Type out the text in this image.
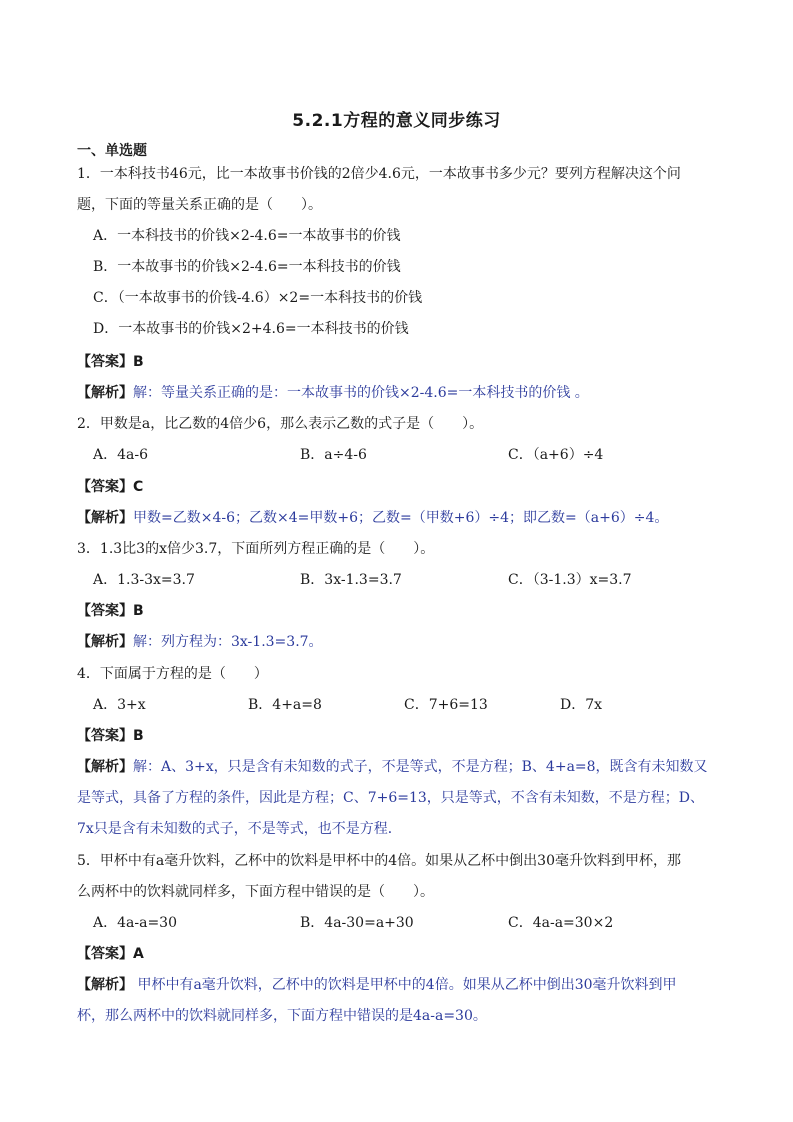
5.2.1方程的意义同步练习
一、单选题
1．一本科技书46元，比一本故事书价钱的2倍少4.6元，一本故事书多少元？要列方程解决这个问
题，下面的等量关系正确的是（　　）。
A．一本科技书的价钱×2-4.6=一本故事书的价钱
B．一本故事书的价钱×2-4.6=一本科技书的价钱
C．（一本故事书的价钱-4.6）×2=一本科技书的价钱
D．一本故事书的价钱×2+4.6=一本科技书的价钱
【答案】B
【解析】解：等量关系正确的是：一本故事书的价钱×2-4.6=一本科技书的价钱 。
2．甲数是a，比乙数的4倍少6，那么表示乙数的式子是（　　）。
A．4a-6	B．a÷4-6	C．（a+6）÷4
【答案】C
【解析】甲数=乙数×4-6；乙数×4=甲数+6；乙数=（甲数+6）÷4；即乙数=（a+6）÷4。
3．1.3比3的x倍少3.7，下面所列方程正确的是（　　）。
A．1.3-3x=3.7	B．3x-1.3=3.7	C．（3-1.3）x=3.7
【答案】B
【解析】解：列方程为：3x-1.3=3.7。
4．下面属于方程的是（　　）
A．3+x	B．4+a=8	C．7+6=13	D．7x
【答案】B
【解析】解：A、3+x，只是含有未知数的式子，不是等式，不是方程；B、4+a=8，既含有未知数又
是等式，具备了方程的条件，因此是方程；C、7+6=13，只是等式，不含有未知数，不是方程；D、
7x只是含有未知数的式子，不是等式，也不是方程．
5．甲杯中有a毫升饮料，乙杯中的饮料是甲杯中的4倍。如果从乙杯中倒出30毫升饮料到甲杯，那
么两杯中的饮料就同样多，下面方程中错误的是（　　）。
A．4a-a=30	B．4a-30=a+30	C．4a-a=30×2
【答案】A
【解析】 甲杯中有a毫升饮料，乙杯中的饮料是甲杯中的4倍。如果从乙杯中倒出30毫升饮料到甲
杯，那么两杯中的饮料就同样多，下面方程中错误的是4a-a=30。
